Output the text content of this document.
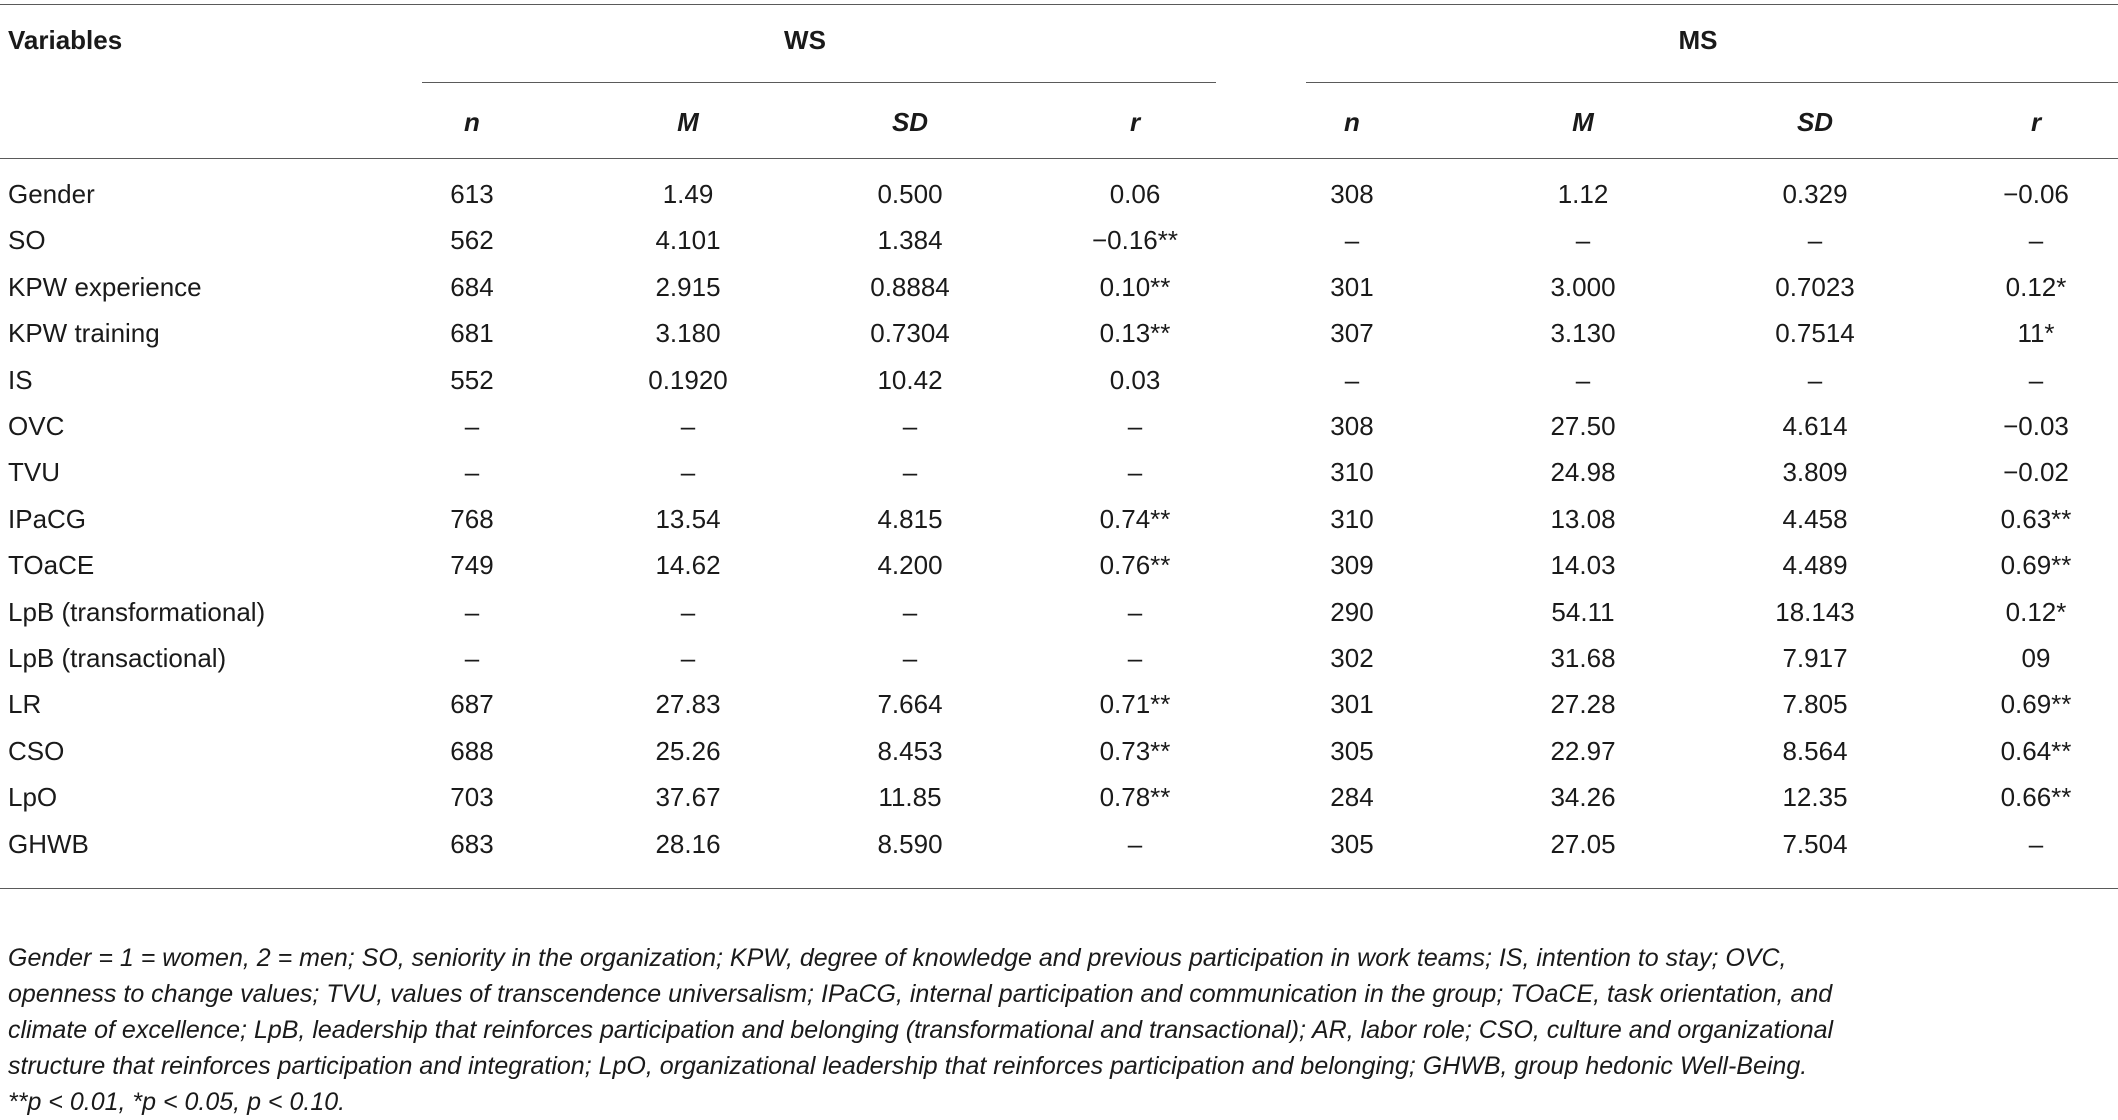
Variables	WS	MS
n	M	SD	r	n	M	SD	r
Gender	613	1.49	0.500	0.06	308	1.12	0.329	−0.06
SO	562	4.101	1.384	−0.16**	–	–	–	–
KPW experience	684	2.915	0.8884	0.10**	301	3.000	0.7023	0.12*
KPW training	681	3.180	0.7304	0.13**	307	3.130	0.7514	11*
IS	552	0.1920	10.42	0.03	–	–	–	–
OVC	–	–	–	–	308	27.50	4.614	−0.03
TVU	–	–	–	–	310	24.98	3.809	−0.02
IPaCG	768	13.54	4.815	0.74**	310	13.08	4.458	0.63**
TOaCE	749	14.62	4.200	0.76**	309	14.03	4.489	0.69**
LpB (transformational)	–	–	–	–	290	54.11	18.143	0.12*
LpB (transactional)	–	–	–	–	302	31.68	7.917	09
LR	687	27.83	7.664	0.71**	301	27.28	7.805	0.69**
CSO	688	25.26	8.453	0.73**	305	22.97	8.564	0.64**
LpO	703	37.67	11.85	0.78**	284	34.26	12.35	0.66**
GHWB	683	28.16	8.590	–	305	27.05	7.504	–
Gender = 1 = women, 2 = men; SO, seniority in the organization; KPW, degree of knowledge and previous participation in work teams; IS, intention to stay; OVC,
openness to change values; TVU, values of transcendence universalism; IPaCG, internal participation and communication in the group; TOaCE, task orientation, and
climate of excellence; LpB, leadership that reinforces participation and belonging (transformational and transactional); AR, labor role; CSO, culture and organizational
structure that reinforces participation and integration; LpO, organizational leadership that reinforces participation and belonging; GHWB, group hedonic Well-Being.
**p < 0.01, *p < 0.05, p < 0.10.
